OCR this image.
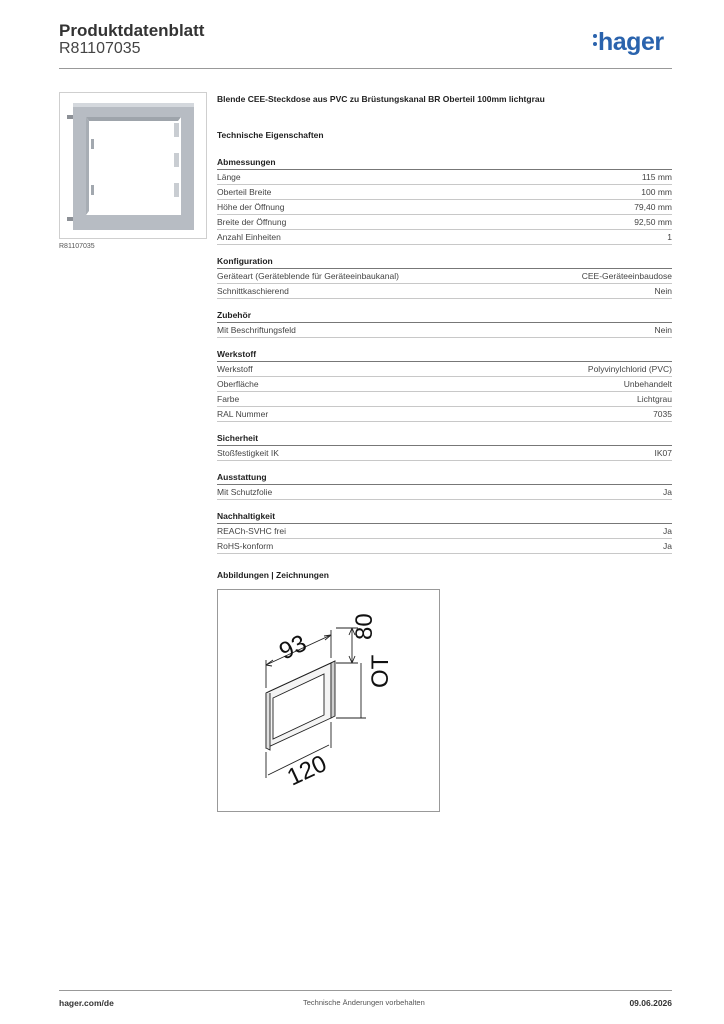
Produktdatenblatt
R81107035	hager
R81107035
Blende CEE-Steckdose aus PVC zu Brüstungskanal BR Oberteil 100mm lichtgrau
Technische Eigenschaften
Abmessungen
Länge	115 mm
Oberteil Breite	100 mm
Höhe der Öffnung	79,40 mm
Breite der Öffnung	92,50 mm
Anzahl Einheiten	1
Konfiguration
Geräteart (Geräteblende für Geräteeinbaukanal)	CEE-Geräteeinbaudose
Schnittkaschierend	Nein
Zubehör
Mit Beschriftungsfeld	Nein
Werkstoff
Werkstoff	Polyvinylchlorid (PVC)
Oberfläche	Unbehandelt
Farbe	Lichtgrau
RAL Nummer	7035
Sicherheit
Stoßfestigkeit IK	IK07
Ausstattung
Mit Schutzfolie	Ja
Nachhaltigkeit
REACh-SVHC frei	Ja
RoHS-konform	Ja
Abbildungen | Zeichnungen
93
80
OT
120
hager.com/de	Technische Änderungen vorbehalten	09.06.2026
